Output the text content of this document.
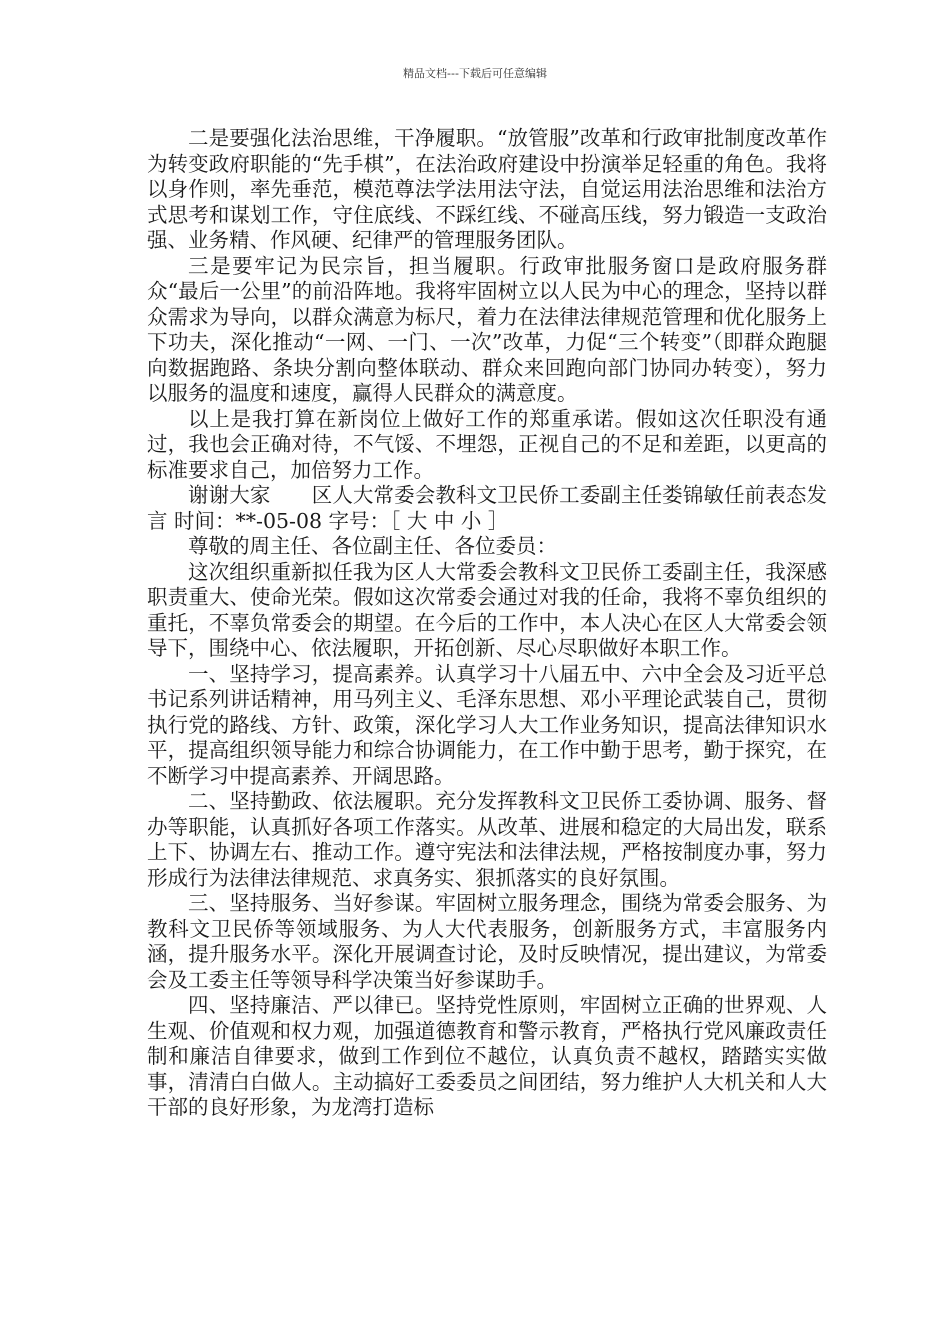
精品文档---下载后可任意编辑

二是要强化法治思维，干净履职。“放管服”改革和行政审批制度改革作为转变政府职能的“先手棋”，在法治政府建设中扮演举足轻重的角色。我将以身作则，率先垂范，模范尊法学法用法守法，自觉运用法治思维和法治方式思考和谋划工作，守住底线、不踩红线、不碰高压线，努力锻造一支政治强、业务精、作风硬、纪律严的管理服务团队。

三是要牢记为民宗旨，担当履职。行政审批服务窗口是政府服务群众“最后一公里”的前沿阵地。我将牢固树立以人民为中心的理念，坚持以群众需求为导向，以群众满意为标尺，着力在法律法律规范管理和优化服务上下功夫，深化推动“一网、一门、一次”改革，力促“三个转变”（即群众跑腿向数据跑路、条块分割向整体联动、群众来回跑向部门协同办转变），努力以服务的温度和速度，赢得人民群众的满意度。

以上是我打算在新岗位上做好工作的郑重承诺。假如这次任职没有通过，我也会正确对待，不气馁、不埋怨，正视自己的不足和差距，以更高的标准要求自己，加倍努力工作。

谢谢大家　　区人大常委会教科文卫民侨工委副主任娄锦敏任前表态发言 时间：**-05-08 字号：［ 大 中 小 ］

尊敬的周主任、各位副主任、各位委员：

这次组织重新拟任我为区人大常委会教科文卫民侨工委副主任，我深感职责重大、使命光荣。假如这次常委会通过对我的任命，我将不辜负组织的重托，不辜负常委会的期望。在今后的工作中，本人决心在区人大常委会领导下，围绕中心、依法履职，开拓创新、尽心尽职做好本职工作。

一、坚持学习，提高素养。认真学习十八届五中、六中全会及习近平总书记系列讲话精神，用马列主义、毛泽东思想、邓小平理论武装自己，贯彻执行党的路线、方针、政策，深化学习人大工作业务知识，提高法律知识水平，提高组织领导能力和综合协调能力，在工作中勤于思考，勤于探究，在不断学习中提高素养、开阔思路。

二、坚持勤政、依法履职。充分发挥教科文卫民侨工委协调、服务、督办等职能，认真抓好各项工作落实。从改革、进展和稳定的大局出发，联系上下、协调左右、推动工作。遵守宪法和法律法规，严格按制度办事，努力形成行为法律法律规范、求真务实、狠抓落实的良好氛围。

三、坚持服务、当好参谋。牢固树立服务理念，围绕为常委会服务、为教科文卫民侨等领域服务、为人大代表服务，创新服务方式，丰富服务内涵，提升服务水平。深化开展调查讨论，及时反映情况，提出建议，为常委会及工委主任等领导科学决策当好参谋助手。

四、坚持廉洁、严以律已。坚持党性原则，牢固树立正确的世界观、人生观、价值观和权力观，加强道德教育和警示教育，严格执行党风廉政责任制和廉洁自律要求，做到工作到位不越位，认真负责不越权，踏踏实实做事，清清白白做人。主动搞好工委委员之间团结，努力维护人大机关和人大干部的良好形象，为龙湾打造标
